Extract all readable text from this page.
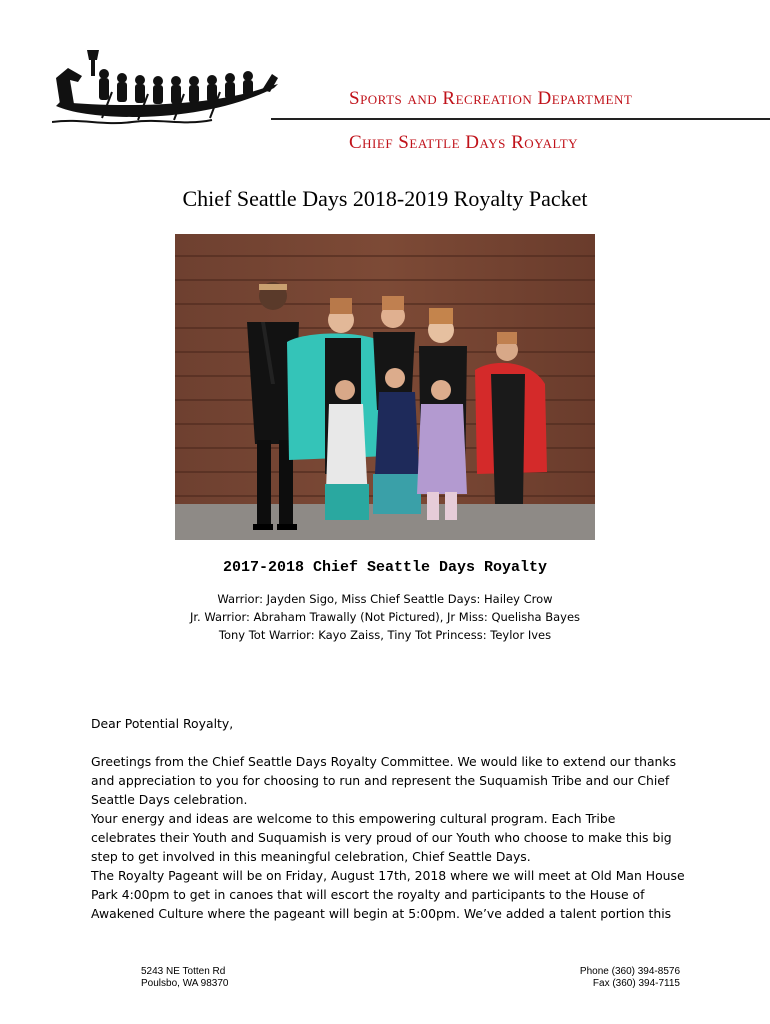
Sports and Recreation Department
Chief Seattle Days Royalty
Chief Seattle Days 2018-2019 Royalty Packet
2017-2018 Chief Seattle Days Royalty
Warrior: Jayden Sigo, Miss Chief Seattle Days: Hailey Crow
Jr. Warrior: Abraham Trawally (Not Pictured), Jr Miss: Quelisha Bayes
Tony Tot Warrior: Kayo Zaiss, Tiny Tot Princess: Teylor Ives
Dear Potential Royalty,
Greetings from the Chief Seattle Days Royalty Committee. We would like to extend our thanks
and appreciation to you for choosing to run and represent the Suquamish Tribe and our Chief
Seattle Days celebration.
Your energy and ideas are welcome to this empowering cultural program. Each Tribe
celebrates their Youth and Suquamish is very proud of our Youth who choose to make this big
step to get involved in this meaningful celebration, Chief Seattle Days.
The Royalty Pageant will be on Friday, August 17th, 2018 where we will meet at Old Man House
Park 4:00pm to get in canoes that will escort the royalty and participants to the House of
Awakened Culture where the pageant will begin at 5:00pm. We’ve added a talent portion this
5243 NE Totten Rd
Poulsbo, WA 98370
Phone (360) 394-8576
Fax (360) 394-7115
